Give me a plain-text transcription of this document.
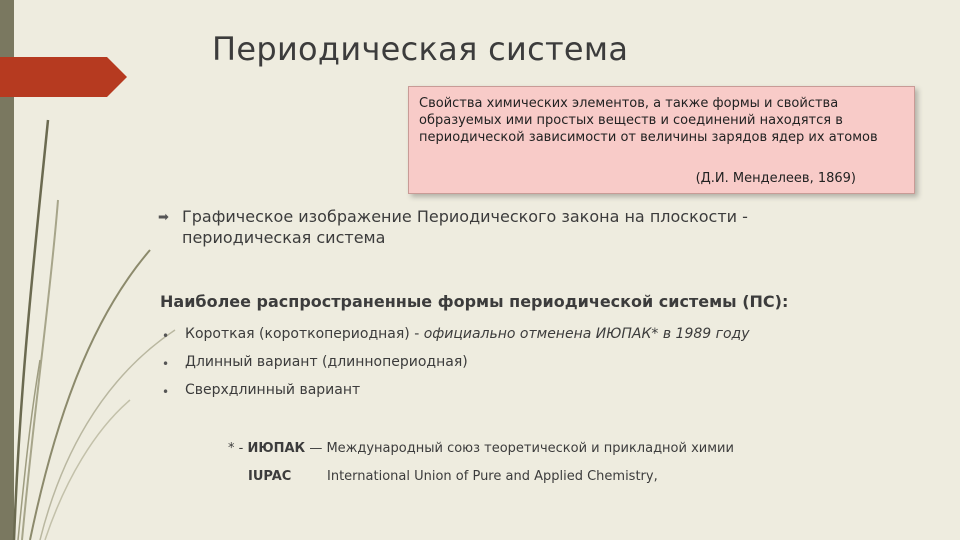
Периодическая система
Свойства химических элементов, а также формы и свойства образуемых ими простых веществ и соединений находятся в периодической зависимости от величины зарядов ядер их атомов
(Д.И. Менделеев, 1869)
➡ Графическое изображение Периодического закона на плоскости - периодическая система
Наиболее распространенные формы периодической системы (ПС):
• Короткая (короткопериодная) - официально отменена ИЮПАК* в 1989 году
• Длинный вариант (длиннопериодная)
• Сверхдлинный вариант
* - ИЮПАК — Международный союз теоретической и прикладной химии
IUPAC	International Union of Pure and Applied Chemistry,
